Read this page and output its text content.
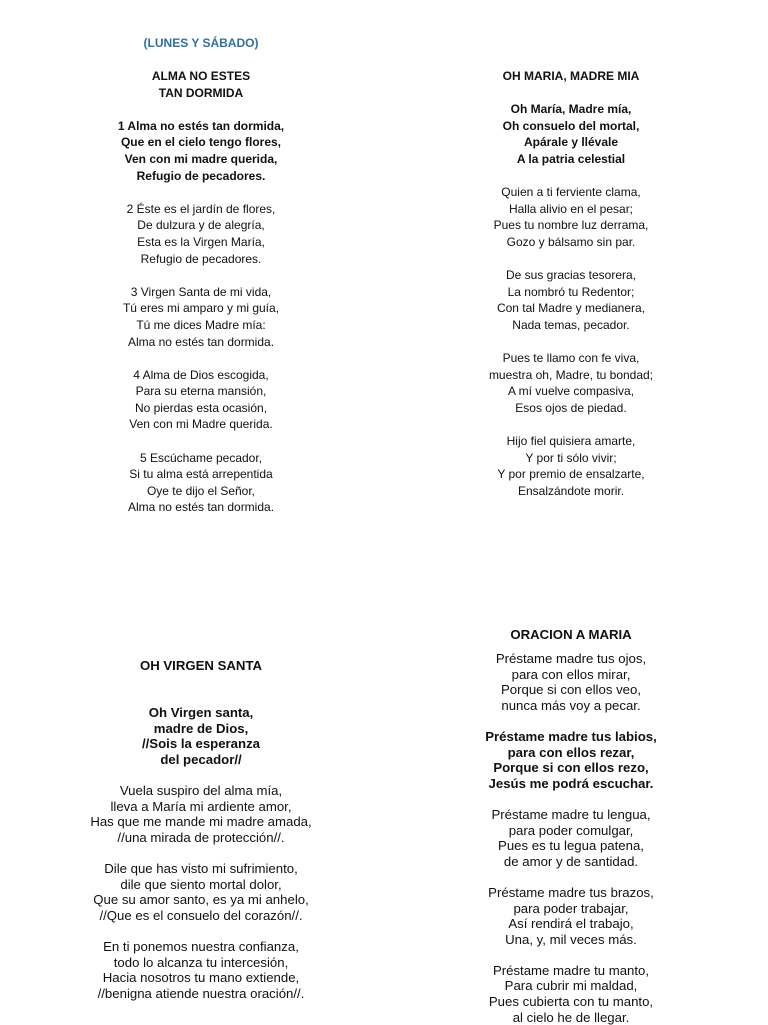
(LUNES Y SÁBADO)
ALMA NO ESTES
TAN DORMIDA
1 Alma no estés tan dormida,
Que en el cielo tengo flores,
Ven con mi madre querida,
Refugio de pecadores.
2 Éste es el jardín de flores,
De dulzura y de alegría,
Esta es la Virgen María,
Refugio de pecadores.
3 Virgen Santa de mi vida,
Tú eres mi amparo y mi guía,
Tú me dices Madre mía:
Alma no estés tan dormida.
4 Alma de Dios escogida,
Para su eterna mansión,
No pierdas esta ocasión,
Ven con mi Madre querida.
5 Escúchame pecador,
Si tu alma está arrepentida
Oye te dijo el Señor,
Alma no estés tan dormida.
OH MARIA, MADRE MIA
Oh María, Madre mía,
Oh consuelo del mortal,
Apárale y llévale
A la patria celestial
Quien a ti ferviente clama,
Halla alivio en el pesar;
Pues tu nombre luz derrama,
Gozo y bálsamo sin par.
De sus gracias tesorera,
La nombró tu Redentor;
Con tal Madre y medianera,
Nada temas, pecador.
Pues te llamo con fe viva,
muestra oh, Madre, tu bondad;
A mí vuelve compasiva,
Esos ojos de piedad.
Hijo fiel quisiera amarte,
Y por ti sólo vivir;
Y por premio de ensalzarte,
Ensalzándote morir.
OH VIRGEN SANTA
Oh Virgen santa,
madre de Dios,
//Sois la esperanza
del pecador//
Vuela suspiro del alma mía,
lleva a María mi ardiente amor,
Has que me mande mi madre amada,
//una mirada de protección//.
Dile que has visto mi sufrimiento,
dile que siento mortal dolor,
Que su amor santo, es ya mi anhelo,
//Que es el consuelo del corazón//.
En ti ponemos nuestra confianza,
todo lo alcanza tu intercesión,
Hacia nosotros tu mano extiende,
//benigna atiende nuestra oración//.
ORACION A MARIA
Préstame madre tus ojos,
para con ellos mirar,
Porque si con ellos veo,
nunca más voy a pecar.
Préstame madre tus labios,
para con ellos rezar,
Porque si con ellos rezo,
Jesús me podrá escuchar.
Préstame madre tu lengua,
para poder comulgar,
Pues es tu legua patena,
de amor y de santidad.
Préstame madre tus brazos,
para poder trabajar,
Así rendirá el trabajo,
Una, y, mil veces más.
Préstame madre tu manto,
Para cubrir mi maldad,
Pues cubierta con tu manto,
al cielo he de llegar.
